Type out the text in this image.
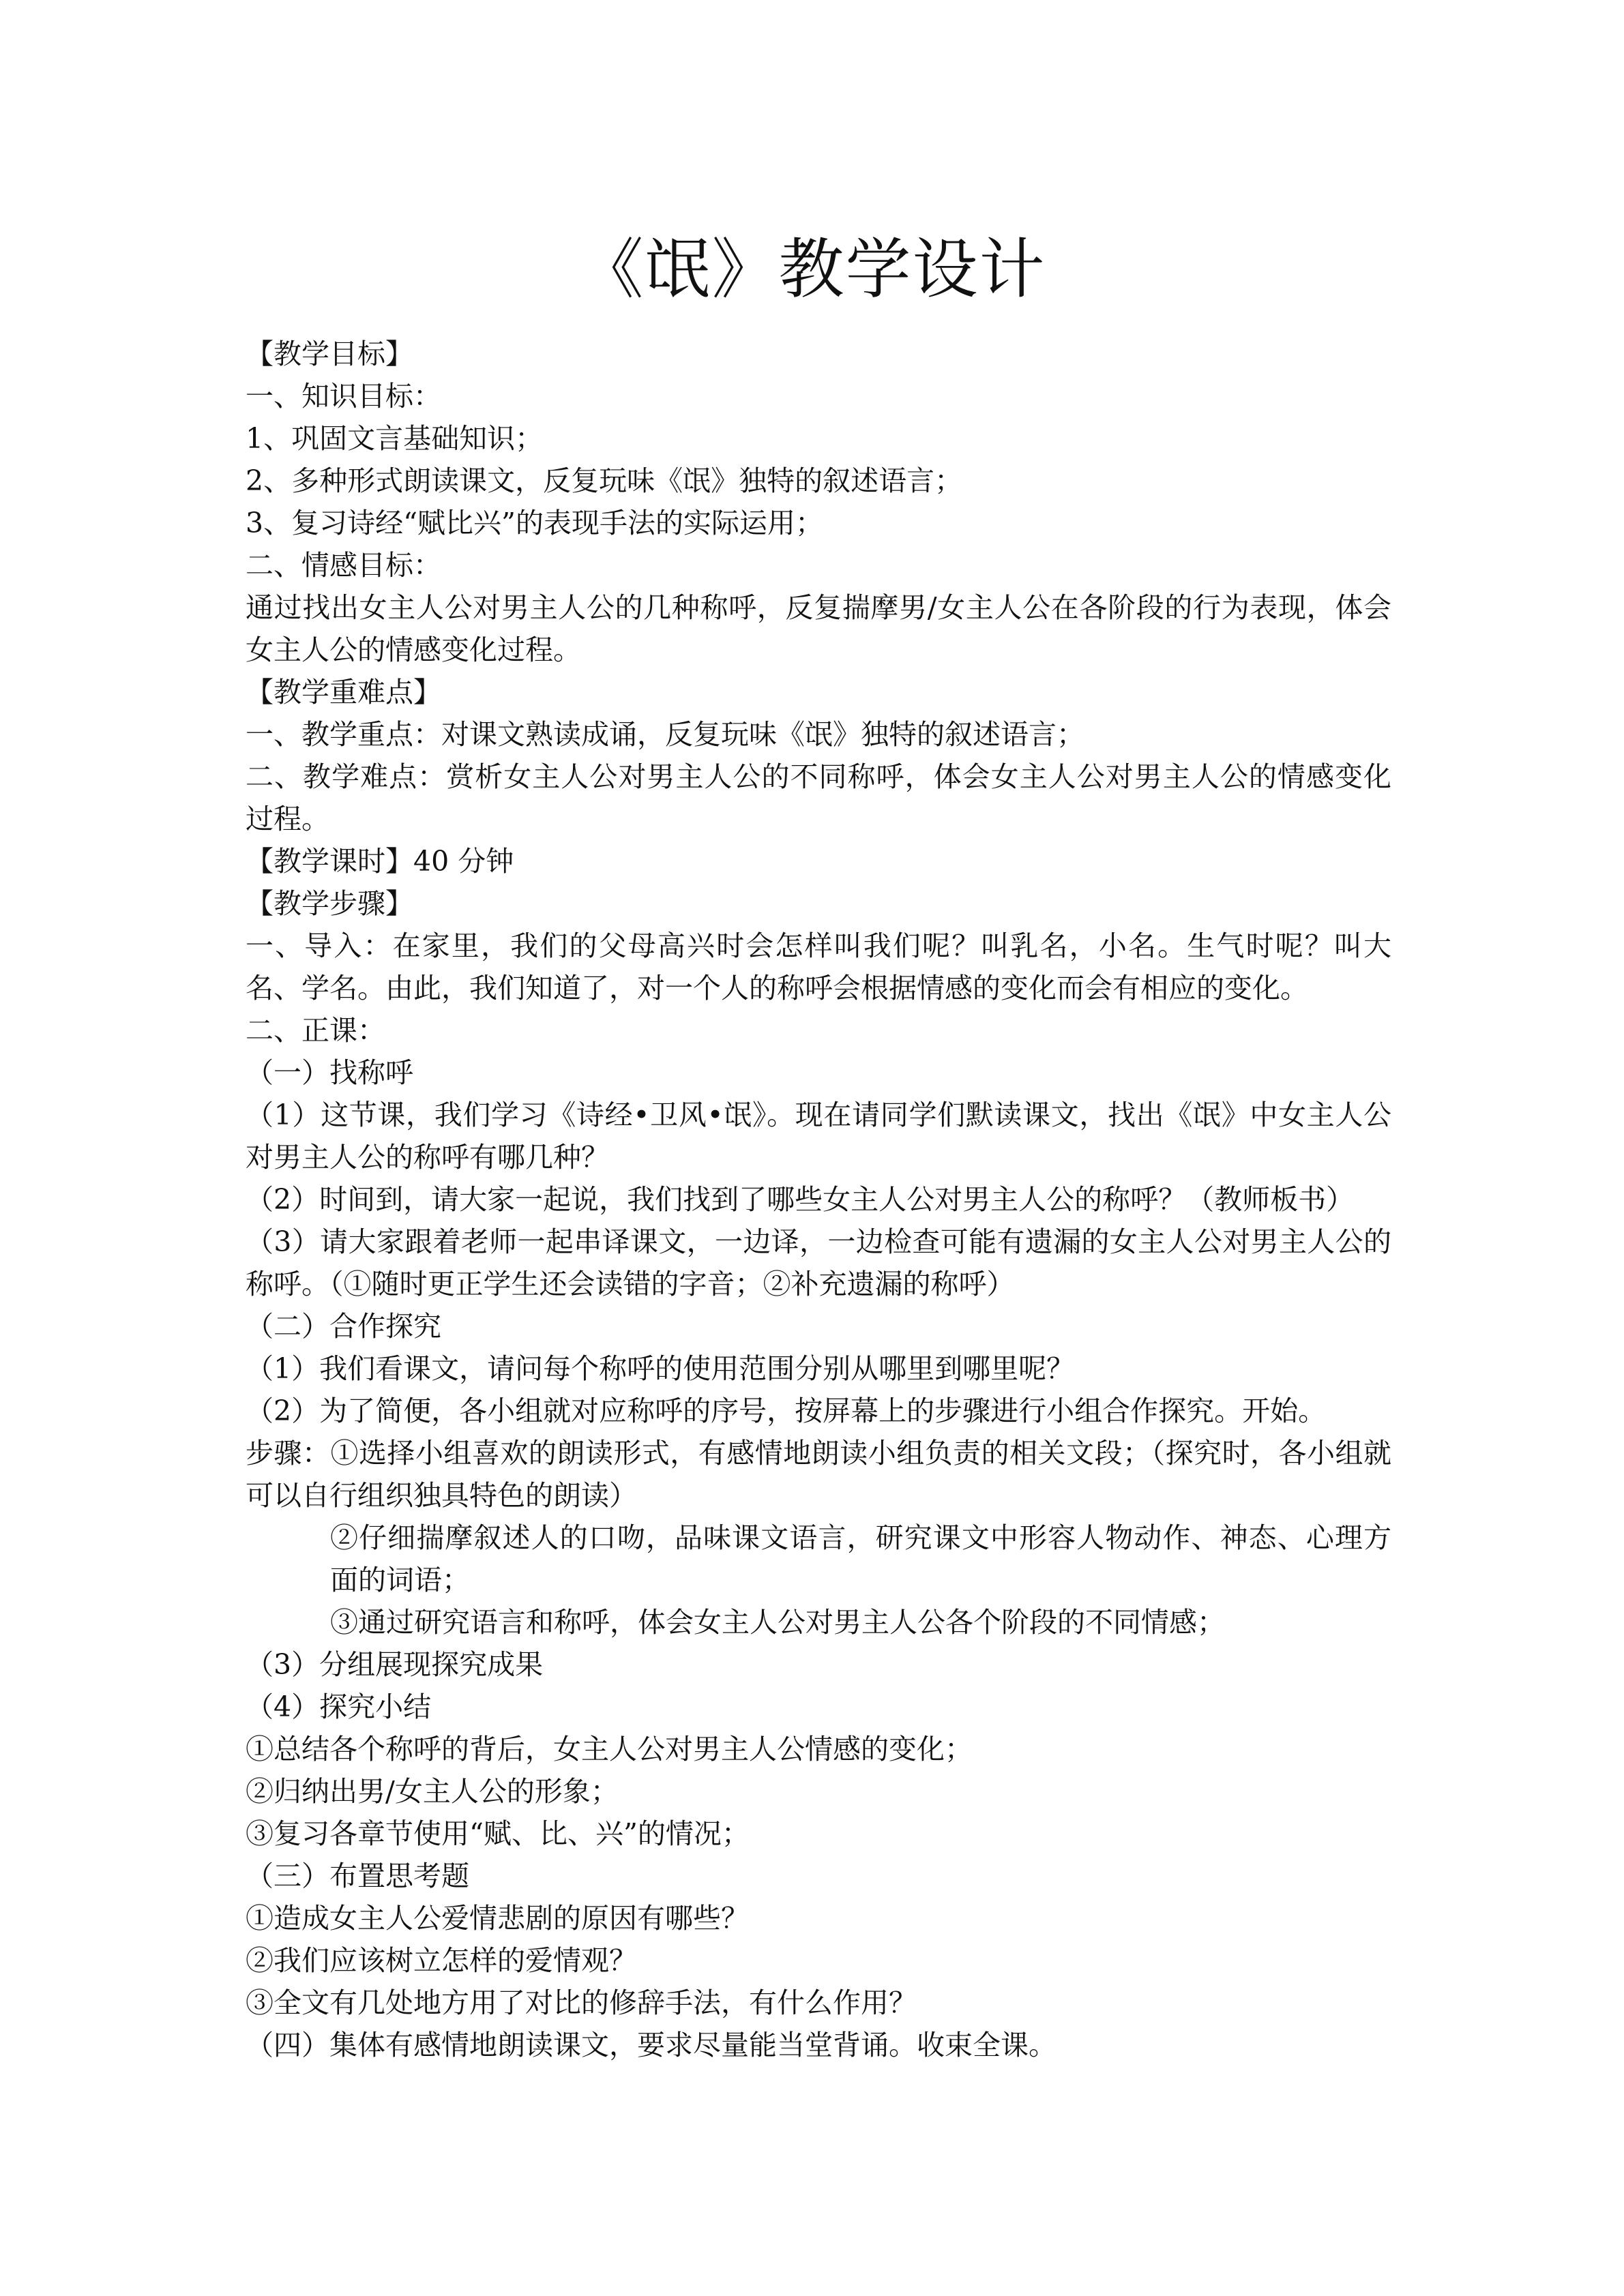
《氓》教学设计

【教学目标】

一、知识目标：

1、巩固文言基础知识；

2、多种形式朗读课文，反复玩味《氓》独特的叙述语言；

3、复习诗经“赋比兴”的表现手法的实际运用；

二、情感目标：

通过找出女主人公对男主人公的几种称呼，反复揣摩男/女主人公在各阶段的行为表现，体会女主人公的情感变化过程。

【教学重难点】

一、教学重点：对课文熟读成诵，反复玩味《氓》独特的叙述语言；

二、教学难点：赏析女主人公对男主人公的不同称呼，体会女主人公对男主人公的情感变化过程。

【教学课时】40 分钟

【教学步骤】

一、导入：在家里，我们的父母高兴时会怎样叫我们呢？叫乳名，小名。生气时呢？叫大名、学名。由此，我们知道了，对一个人的称呼会根据情感的变化而会有相应的变化。

二、正课：

（一）找称呼

（1）这节课，我们学习《诗经•卫风•氓》。现在请同学们默读课文，找出《氓》中女主人公对男主人公的称呼有哪几种？

（2）时间到，请大家一起说，我们找到了哪些女主人公对男主人公的称呼？（教师板书）

（3）请大家跟着老师一起串译课文，一边译，一边检查可能有遗漏的女主人公对男主人公的称呼。（①随时更正学生还会读错的字音；②补充遗漏的称呼）

（二）合作探究

（1）我们看课文，请问每个称呼的使用范围分别从哪里到哪里呢？

（2）为了简便，各小组就对应称呼的序号，按屏幕上的步骤进行小组合作探究。开始。

步骤：①选择小组喜欢的朗读形式，有感情地朗读小组负责的相关文段；（探究时，各小组就可以自行组织独具特色的朗读）

②仔细揣摩叙述人的口吻，品味课文语言，研究课文中形容人物动作、神态、心理方面的词语；

③通过研究语言和称呼，体会女主人公对男主人公各个阶段的不同情感；

（3）分组展现探究成果

（4）探究小结

①总结各个称呼的背后，女主人公对男主人公情感的变化；

②归纳出男/女主人公的形象；

③复习各章节使用“赋、比、兴”的情况；

（三）布置思考题

①造成女主人公爱情悲剧的原因有哪些？

②我们应该树立怎样的爱情观？

③全文有几处地方用了对比的修辞手法，有什么作用？

（四）集体有感情地朗读课文，要求尽量能当堂背诵。收束全课。
